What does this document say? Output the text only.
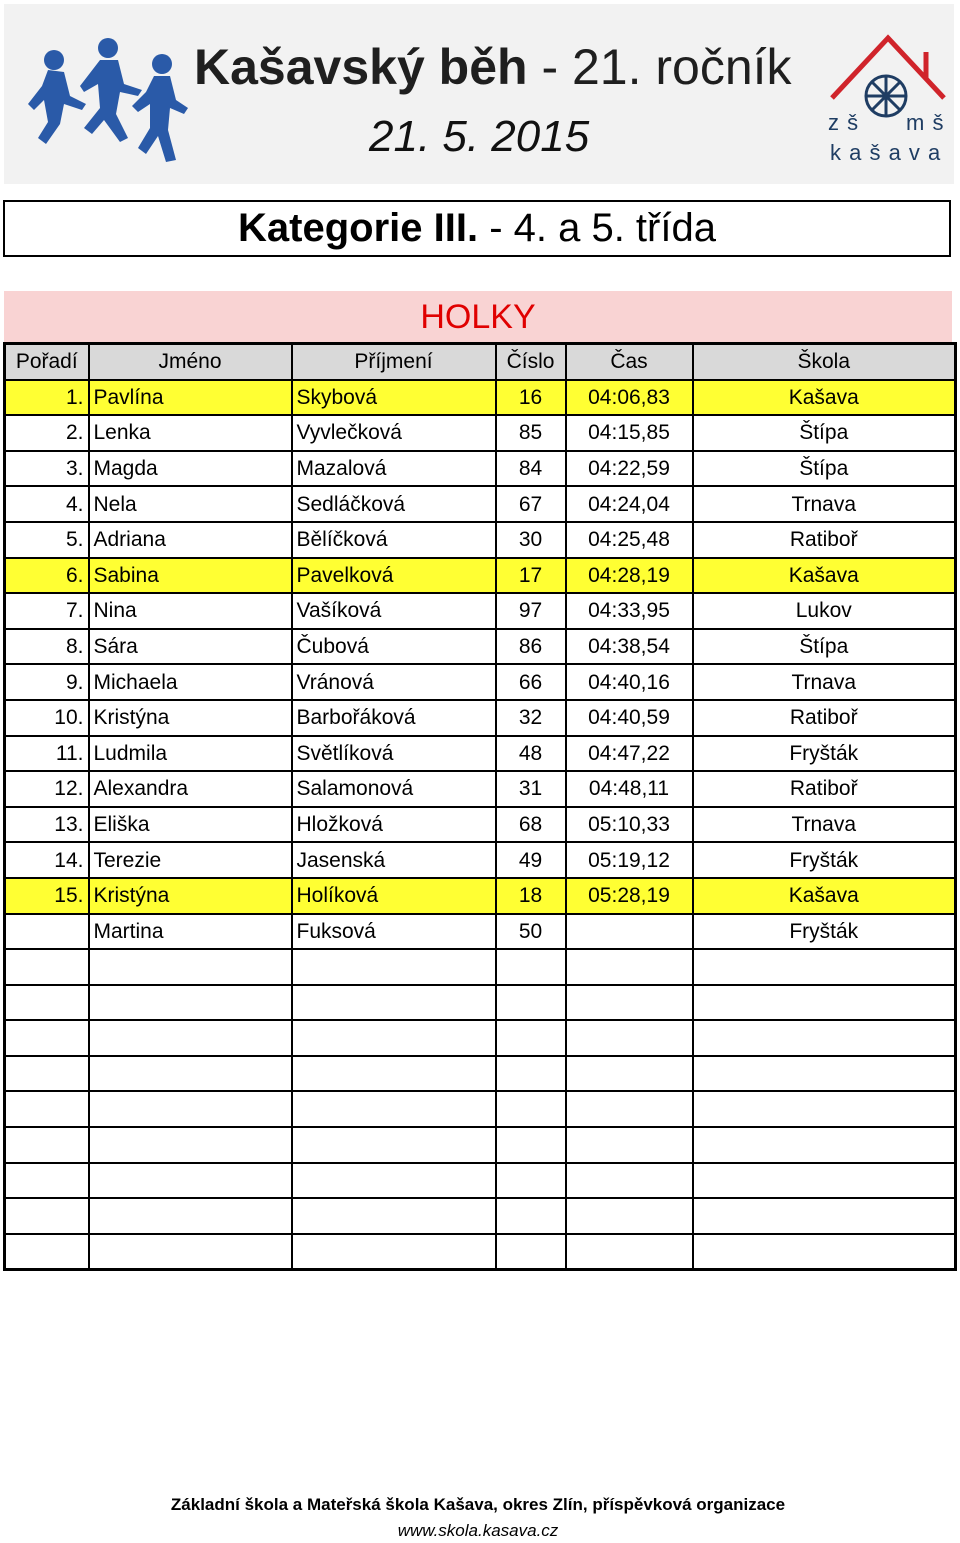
Kašavský běh - 21. ročník
21. 5. 2015	z š m š
k a š a v a
Kategorie III. - 4. a 5. třída
HOLKY
Pořadí	Jméno	Příjmení	Číslo	Čas	Škola
1.	Pavlína	Skybová	16	04:06,83	Kašava
2.	Lenka	Vyvlečková	85	04:15,85	Štípa
3.	Magda	Mazalová	84	04:22,59	Štípa
4.	Nela	Sedláčková	67	04:24,04	Trnava
5.	Adriana	Bělíčková	30	04:25,48	Ratiboř
6.	Sabina	Pavelková	17	04:28,19	Kašava
7.	Nina	Vašíková	97	04:33,95	Lukov
8.	Sára	Čubová	86	04:38,54	Štípa
9.	Michaela	Vránová	66	04:40,16	Trnava
10.	Kristýna	Barbořáková	32	04:40,59	Ratiboř
11.	Ludmila	Světlíková	48	04:47,22	Fryšták
12.	Alexandra	Salamonová	31	04:48,11	Ratiboř
13.	Eliška	Hložková	68	05:10,33	Trnava
14.	Terezie	Jasenská	49	05:19,12	Fryšták
15.	Kristýna	Holíková	18	05:28,19	Kašava
	Martina	Fuksová	50		Fryšták

Základní škola a Mateřská škola Kašava, okres Zlín, příspěvková organizace
www.skola.kasava.cz
